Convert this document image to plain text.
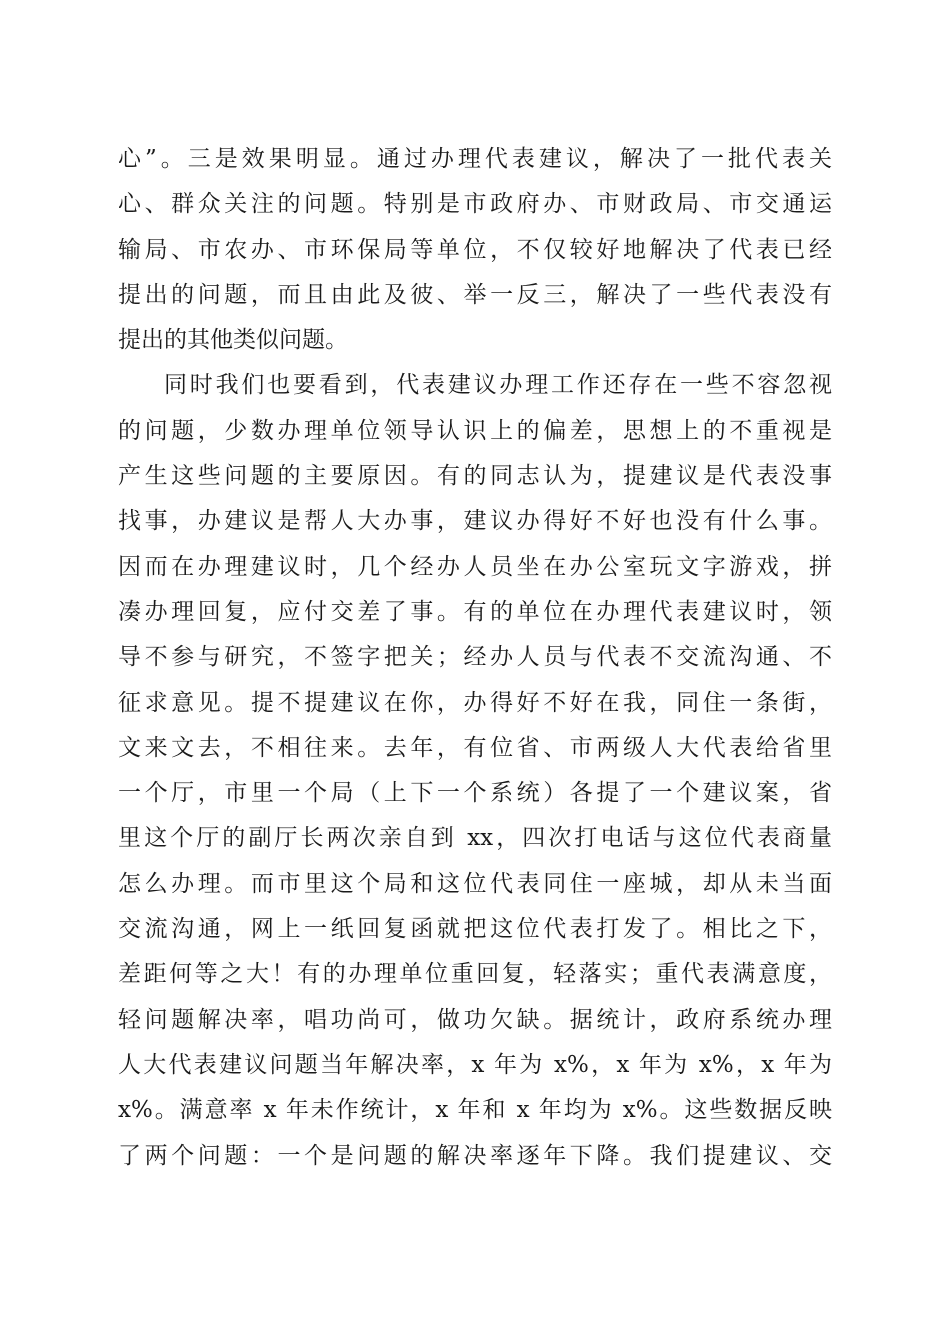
心”。三是效果明显。通过办理代表建议，解决了一批代表关
心、群众关注的问题。特别是市政府办、市财政局、市交通运
输局、市农办、市环保局等单位，不仅较好地解决了代表已经
提出的问题，而且由此及彼、举一反三，解决了一些代表没有
提出的其他类似问题。
同时我们也要看到，代表建议办理工作还存在一些不容忽视
的问题，少数办理单位领导认识上的偏差，思想上的不重视是
产生这些问题的主要原因。有的同志认为，提建议是代表没事
找事，办建议是帮人大办事，建议办得好不好也没有什么事。
因而在办理建议时，几个经办人员坐在办公室玩文字游戏，拼
凑办理回复，应付交差了事。有的单位在办理代表建议时，领
导不参与研究，不签字把关；经办人员与代表不交流沟通、不
征求意见。提不提建议在你，办得好不好在我，同住一条街，
文来文去，不相往来。去年，有位省、市两级人大代表给省里
一个厅，市里一个局（上下一个系统）各提了一个建议案，省
里这个厅的副厅长两次亲自到 xx，四次打电话与这位代表商量
怎么办理。而市里这个局和这位代表同住一座城，却从未当面
交流沟通，网上一纸回复函就把这位代表打发了。相比之下，
差距何等之大！有的办理单位重回复，轻落实；重代表满意度，
轻问题解决率，唱功尚可，做功欠缺。据统计，政府系统办理
人大代表建议问题当年解决率，x 年为 x%，x 年为 x%，x 年为
x%。满意率 x 年未作统计，x 年和 x 年均为 x%。这些数据反映
了两个问题：一个是问题的解决率逐年下降。我们提建议、交
